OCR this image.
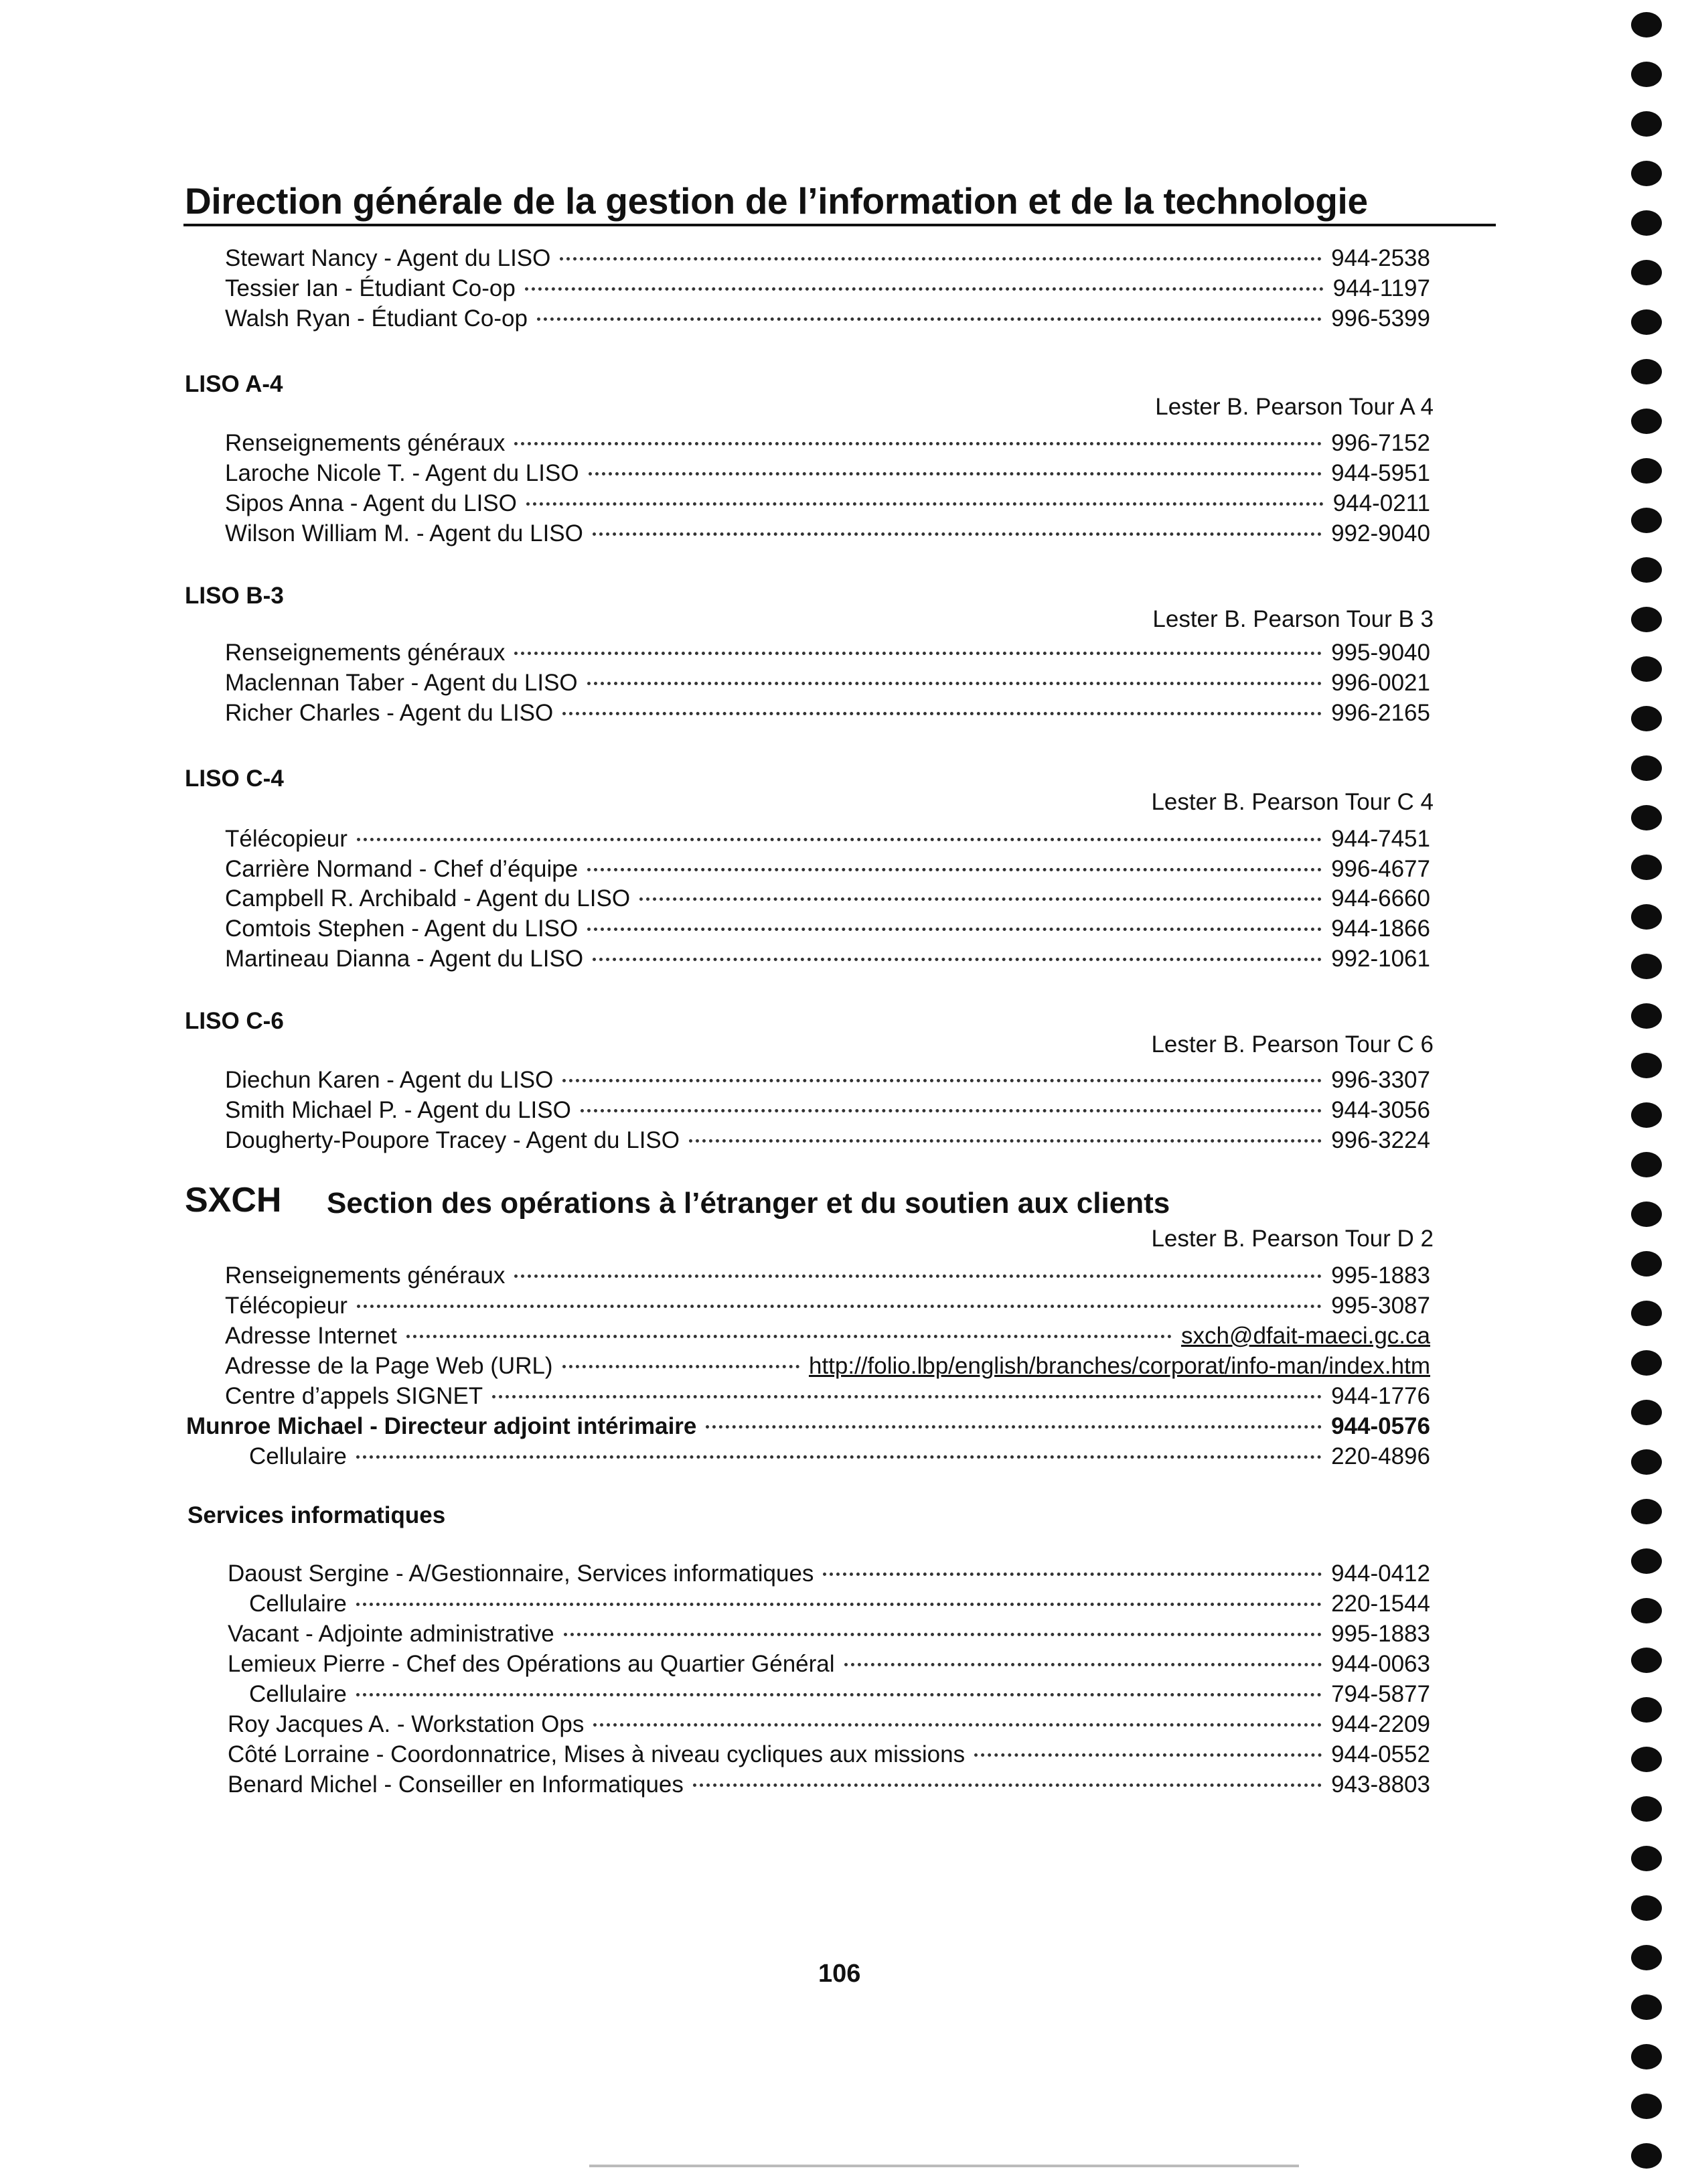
Direction générale de la gestion de l’information et de la technologie
Stewart Nancy - Agent du LISO	944-2538
Tessier Ian - Étudiant Co-op	944-1197
Walsh Ryan - Étudiant Co-op	996-5399
LISO A-4
Lester B. Pearson Tour A 4
Renseignements généraux	996-7152
Laroche Nicole T. - Agent du LISO	944-5951
Sipos Anna - Agent du LISO	944-0211
Wilson William M. - Agent du LISO	992-9040
LISO B-3
Lester B. Pearson Tour B 3
Renseignements généraux	995-9040
Maclennan Taber - Agent du LISO	996-0021
Richer Charles - Agent du LISO	996-2165
LISO C-4
Lester B. Pearson Tour C 4
Télécopieur	944-7451
Carrière Normand - Chef d’équipe	996-4677
Campbell R. Archibald - Agent du LISO	944-6660
Comtois Stephen - Agent du LISO	944-1866
Martineau Dianna - Agent du LISO	992-1061
LISO C-6
Lester B. Pearson Tour C 6
Diechun Karen - Agent du LISO	996-3307
Smith Michael P. - Agent du LISO	944-3056
Dougherty-Poupore Tracey - Agent du LISO	996-3224
SXCH Section des opérations à l’étranger et du soutien aux clients
Lester B. Pearson Tour D 2
Renseignements généraux	995-1883
Télécopieur	995-3087
Adresse Internet	sxch@dfait-maeci.gc.ca
Adresse de la Page Web (URL)	http://folio.lbp/english/branches/corporat/info-man/index.htm
Centre d’appels SIGNET	944-1776
Munroe Michael - Directeur adjoint intérimaire	944-0576
Cellulaire	220-4896
Services informatiques
Daoust Sergine - A/Gestionnaire, Services informatiques	944-0412
Cellulaire	220-1544
Vacant - Adjointe administrative	995-1883
Lemieux Pierre - Chef des Opérations au Quartier Général	944-0063
Cellulaire	794-5877
Roy Jacques A. - Workstation Ops	944-2209
Côté Lorraine - Coordonnatrice, Mises à niveau cycliques aux missions	944-0552
Benard Michel - Conseiller en Informatiques	943-8803
106
